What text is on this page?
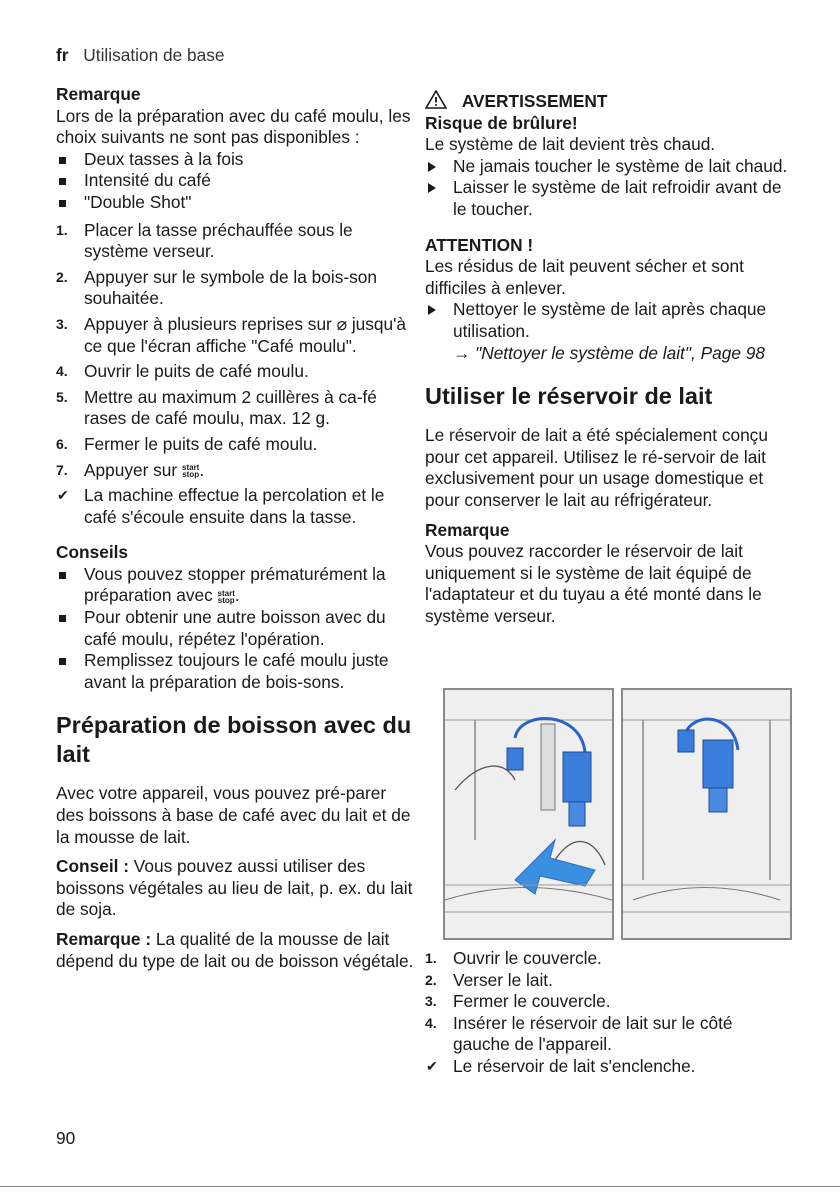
fr Utilisation de base

Remarque

Lors de la préparation avec du café moulu, les choix suivants ne sont pas disponibles :

Deux tasses à la fois
Intensité du café
"Double Shot"
1. Placer la tasse préchauffée sous le système verseur.
2. Appuyer sur le symbole de la bois-son souhaitée.
3. Appuyer à plusieurs reprises sur ⌀ jusqu'à ce que l'écran affiche "Café moulu".
4. Ouvrir le puits de café moulu.
5. Mettre au maximum 2 cuillères à ca-fé rases de café moulu, max. 12 g.
6. Fermer le puits de café moulu.
7. Appuyer sur start
stop.
✔ La machine effectue la percolation et le café s'écoule ensuite dans la tasse.

Conseils

Vous pouvez stopper prématurément la préparation avec start
stop.
Pour obtenir une autre boisson avec du café moulu, répétez l'opération.
Remplissez toujours le café moulu juste avant la préparation de bois-sons.

Préparation de boisson avec du lait

Avec votre appareil, vous pouvez pré-parer des boissons à base de café avec du lait et de la mousse de lait.

Conseil : Vous pouvez aussi utiliser des boissons végétales au lieu de lait, p. ex. du lait de soja.

Remarque : La qualité de la mousse de lait dépend du type de lait ou de boisson végétale.

AVERTISSEMENT

Risque de brûlure!

Le système de lait devient très chaud.

Ne jamais toucher le système de lait chaud.
Laisser le système de lait refroidir avant de le toucher.

ATTENTION !

Les résidus de lait peuvent sécher et sont difficiles à enlever.

Nettoyer le système de lait après chaque utilisation.
→ "Nettoyer le système de lait", Page 98

Utiliser le réservoir de lait

Le réservoir de lait a été spécialement conçu pour cet appareil. Utilisez le ré-servoir de lait exclusivement pour un usage domestique et pour conserver le lait au réfrigérateur.

Remarque

Vous pouvez raccorder le réservoir de lait uniquement si le système de lait équipé de l'adaptateur et du tuyau a été monté dans le système verseur.

1. Ouvrir le couvercle.
2. Verser le lait.
3. Fermer le couvercle.
4. Insérer le réservoir de lait sur le côté gauche de l'appareil.
✔ Le réservoir de lait s'enclenche.
90
